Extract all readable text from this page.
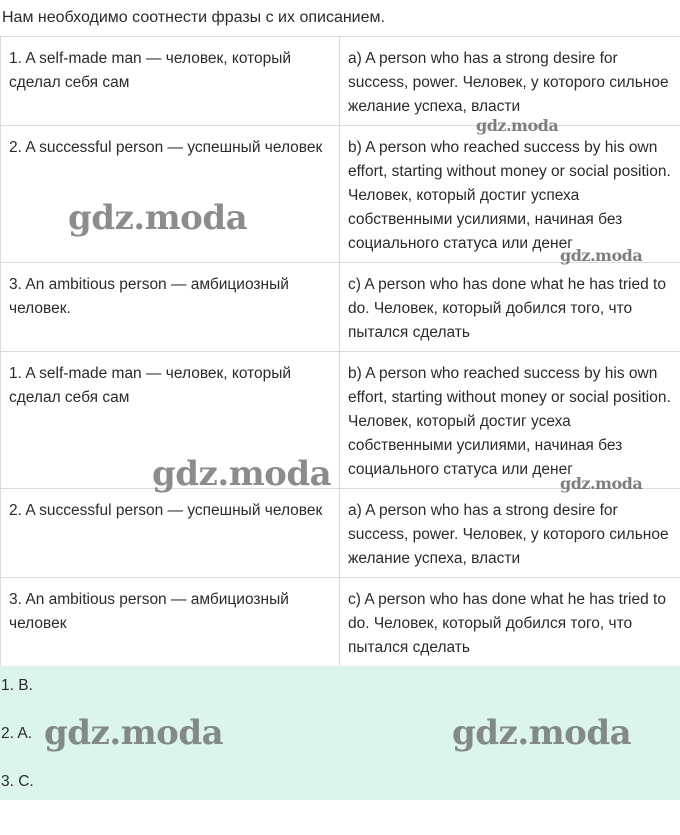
Нам необходимо соотнести фразы с их описанием.
1. A self-made man — человек, который сделал себя сам	a) A person who has a strong desire for success, power. Человек, у которого сильное желание успеха, власти
2. A successful person — успешный человек	b) A person who reached success by his own effort, starting without money or social position. Человек, который достиг успеха собственными усилиями, начиная без социального статуса или денег
3. An ambitious person — амбициозный человек.	c) A person who has done what he has tried to do. Человек, который добился того, что пытался сделать
1. A self-made man — человек, который сделал себя сам	b) A person who reached success by his own effort, starting without money or social position. Человек, который достиг усеха собственными усилиями, начиная без социального статуса или денег
2. A successful person — успешный человек	a) A person who has a strong desire for success, power. Человек, у которого сильное желание успеха, власти
3. An ambitious person — амбициозный человек	c) A person who has done what he has tried to do. Человек, который добился того, что пытался сделать
1. B.
2. A.
3. C.
gdz.moda
gdz.moda
gdz.moda
gdz.moda	gdz.moda
gdz.moda	gdz.moda
